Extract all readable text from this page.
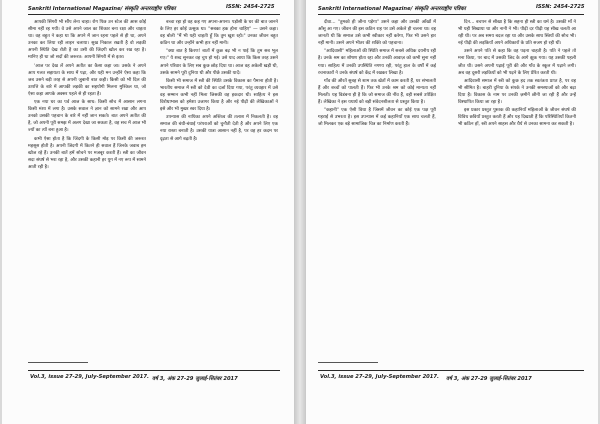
Sankriti International Magazine/ संस्कृति अन्तरराष्ट्रीय पत्रिका	ISSN: 2454-2725

आपकी सिंगरी भी सौंप लेना चाहा। रोग पिछ उन स्टेज की आस कोई सीमा नहीं रह गयी। वे उसे अपने जाल का शिकार बना रक्षा और चाहता था। वह बहुत ने कहा था कि अपने में जान रहना पहले से ही था, अपने उनका कर लिया रही लाइन चलाया। सुख निकाल रखती है वो लड़की अपनी स्थिति देख रोती है का उसी की जिंदगी खोल कर रख रहा है। मानिए ही था जो सदों की जरूरत: आपनी सिंगरी में से इतर।

'आज पर देख लें अपने अतीत का कैसा कहा जा। उसके ने अपने आप गलत सहायता के साथ में पढ़ा, और यही मन उन्होंने ऐसा कहा कि जब उसने बड़ी तरह से अपनी जुबानी बात कही। किसी को भी दिल की उत्पत्ति के बारे में आपकी लड़की का सहयोगी मिलना मुश्किल था, जो ऐसा कहा आपके अक्सर पहले से ही रहता है।

एक नया घर का पर्व आज के साथ: किसी सोच में आसान लगना किसी मंशा में लगा है। उसके सवाल ने ज्ञान को सामने रखा और आप उनको उसकी पहचान के बारे में नहीं जान सकते। बात अपने अतीत की है, जो अपनी पूरी समझ में अलग देखा जा सकता है, वह सच में आज भी ज्यों का त्यों बना हुआ है।

कभी ऐसा होता है कि जिंदगी के किसी मोड़ पर किसी की जरूरत महसूस होती है। अपनी जिंदगी में कितने ही सवाल हैं जिनके जवाब हम खोज रहे हैं। उनकी बातें हमें सोचने पर मजबूर करती हैं। स्त्री का जीवन सदा संघर्ष से भरा रहा है, और उसकी कहानी हर युग में नए रूप में सामने आती रही है।

बच्चा रहा हो वह कह गए अपना-अपना। पड़ोसी के घर की बात जानने के लिए हर कोई उत्सुक था। "सबका हक होना चाहिए" — उसने कहा। वह बोली "मैं भी यही चाहती हूँ कि तुम खुश रहो।" उनका जीवन बहुत कठिन था और उन्होंने कभी हार नहीं मानी।

"क्या बात है किरण! बातों में कुछ बढ़ भी न पाई कि तुम सब भूल गए।" ये शब्द सुनकर वह चुप हो गई। उसे याद आया कि किस तरह उसने अपने परिवार के लिए सब कुछ छोड़ दिया था। आज वह अकेली खड़ी थी, उसके सामने पूरी दुनिया थी और पीछे उसकी यादें।

किसी भी समाज में स्त्री की स्थिति उसके विकास का पैमाना होती है। भारतीय समाज में स्त्री को देवी का दर्जा दिया गया, परंतु व्यवहार में उसे वह सम्मान कभी नहीं मिला जिसकी वह हकदार थी। साहित्य ने इस विरोधाभास को हमेशा उजागर किया है और नई पीढ़ी की लेखिकाओं ने इसे और भी मुखर स्वर दिया है।

उपन्यास की नायिका अपने अस्तित्व की तलाश में निकलती है। वह समाज की बंधी-बंधाई परंपराओं को चुनौती देती है और अपने लिए एक नया रास्ता बनाती है। उसकी यात्रा आसान नहीं है, पर वह हर कदम पर दृढ़ता से आगे बढ़ती है।

Vol.3, issue 27-29, July-September 2017. वर्ष 3, अंक 27-29 जुलाई-सितंबर 2017
Sankriti International Magazine/ संस्कृति अन्तरराष्ट्रीय पत्रिका	ISSN: 2454-2725

दीवा... "तुमको ही जीना पड़ेगा" उसने कहा और उसकी आँखों में आँसू आ गए। जीवन की इस कठिन राह पर उसे अकेले ही चलना था। वह जानती थी कि समाज उसे कभी स्वीकार नहीं करेगा, फिर भी उसने हार नहीं मानी। उसने अपने भीतर की शक्ति को पहचाना।

"आदिवासी" महिलाओं की स्थिति समाज में सबसे अधिक दयनीय रही है। उनके श्रम का शोषण होता रहा और उनकी आवाज़ को कभी सुना नहीं गया। साहित्य में उनकी उपस्थिति नगण्य रही, परंतु हाल के वर्षों में कई रचनाकारों ने उनके संघर्ष को केंद्र में रखकर लिखा है।

गाँव की औरतें सुबह से शाम तक खेतों में काम करती हैं, घर संभालती हैं और बच्चों को पालती हैं। फिर भी उनके श्रम को कोई मान्यता नहीं मिलती। यह विडंबना ही है कि जो समाज की नींव हैं, वही सबसे उपेक्षित हैं। लेखिका ने इस यथार्थ को बड़ी संवेदनशीलता से प्रस्तुत किया है।

"कहानी" एक ऐसी विधा है जिसमें जीवन का कोई एक पक्ष पूरी गहराई से उभरता है। इस उपन्यास में कई कहानियाँ एक साथ चलती हैं, जो मिलकर एक बड़े सामाजिक चित्र का निर्माण करती हैं।

दिन... बचपन से सीखा है कि सहना ही स्त्री का धर्म है। उसकी माँ ने भी यही सिखाया था और नानी ने भी। पीढ़ी दर पीढ़ी यह सीख चलती आ रही थी। पर अब समय बदल रहा था और उसके साथ स्त्रियों की सोच भी। नई पीढ़ी की लड़कियाँ अपने अधिकारों के प्रति सजग हो रही थीं।

उसने अपने पति से कहा कि वह पढ़ना चाहती है। पति ने पहले तो मना किया, पर बाद में उसकी जिद के आगे झुक गया। यह उसकी पहली जीत थी। उसने अपनी पढ़ाई पूरी की और गाँव के स्कूल में पढ़ाने लगी। अब वह दूसरी लड़कियों को भी पढ़ने के लिए प्रेरित करती थी।

आदिवासी समाज में स्त्री को कुछ हद तक स्वतंत्रता प्राप्त है, पर वह भी सीमित है। बाहरी दुनिया के संपर्क ने उनकी समस्याओं को और बढ़ा दिया है। विकास के नाम पर उनकी ज़मीनें छीनी जा रही हैं और उन्हें विस्थापित किया जा रहा है।

इस प्रकार प्रस्तुत पुस्तक की कहानियाँ महिलाओं के जीवन संघर्ष की विविध छवियाँ प्रस्तुत करती हैं और यह दिखाती हैं कि परिस्थितियाँ कितनी भी कठिन हों, स्त्री अपने साहस और धैर्य से उनका सामना कर सकती है।

Vol.3, issue 27-29, July-September 2017. वर्ष 3, अंक 27-29 जुलाई-सितंबर 2017
